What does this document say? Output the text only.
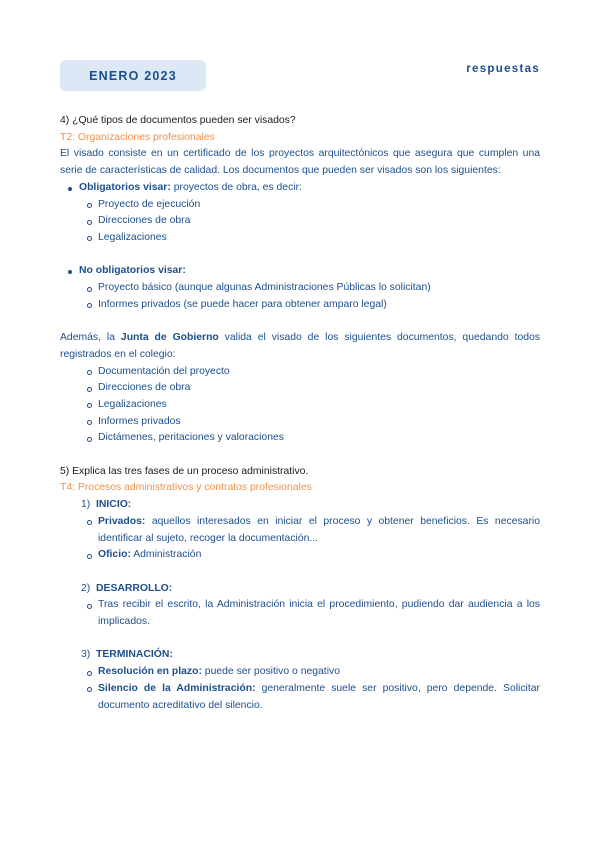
ENERO 2023	respuestas
4) ¿Qué tipos de documentos pueden ser visados?
T2: Organizaciones profesionales
El visado consiste en un certificado de los proyectos arquitectónicos que asegura que cumplen una serie de características de calidad. Los documentos que pueden ser visados son los siguientes:
Obligatorios visar: proyectos de obra, es decir:
Proyecto de ejecución
Direcciones de obra
Legalizaciones
No obligatorios visar:
Proyecto básico (aunque algunas Administraciones Públicas lo solicitan)
Informes privados (se puede hacer para obtener amparo legal)
Además, la Junta de Gobierno valida el visado de los siguientes documentos, quedando todos registrados en el colegio:
Documentación del proyecto
Direcciones de obra
Legalizaciones
Informes privados
Dictámenes, peritaciones y valoraciones
5) Explica las tres fases de un proceso administrativo.
T4: Procesos administrativos y contratos profesionales
1) INICIO:
Privados: aquellos interesados en iniciar el proceso y obtener beneficios. Es necesario identificar al sujeto, recoger la documentación...
Oficio: Administración
2) DESARROLLO:
Tras recibir el escrito, la Administración inicia el procedimiento, pudiendo dar audiencia a los implicados.
3) TERMINACIÓN:
Resolución en plazo: puede ser positivo o negativo
Silencio de la Administración: generalmente suele ser positivo, pero depende. Solicitar documento acreditativo del silencio.
